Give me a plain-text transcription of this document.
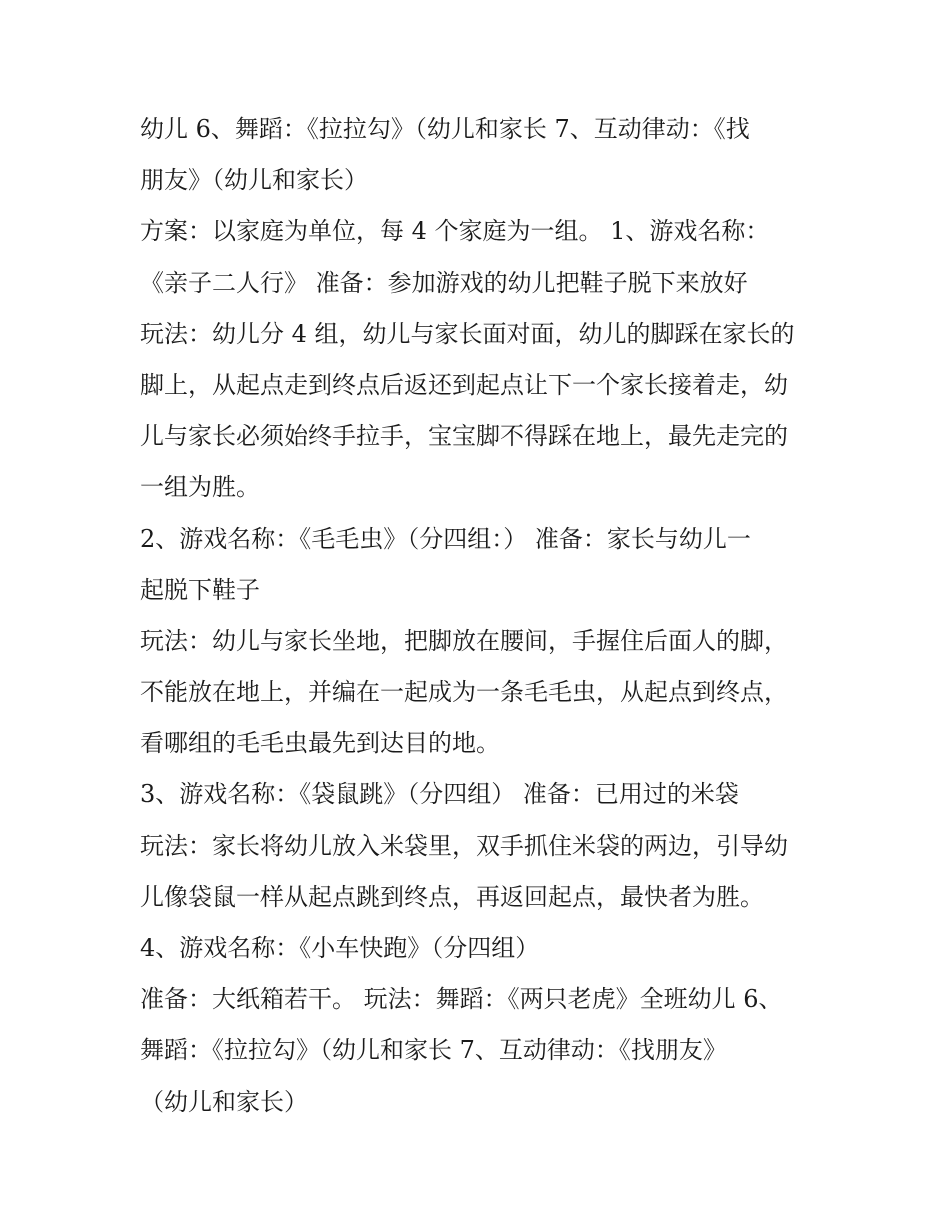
幼儿 6、舞蹈：《拉拉勾》（幼儿和家长 7、互动律动：《找
朋友》（幼儿和家长）
方案：以家庭为单位，每 4 个家庭为一组。 1、游戏名称：
《亲子二人行》 准备：参加游戏的幼儿把鞋子脱下来放好
玩法：幼儿分 4 组，幼儿与家长面对面，幼儿的脚踩在家长的
脚上，从起点走到终点后返还到起点让下一个家长接着走，幼
儿与家长必须始终手拉手，宝宝脚不得踩在地上，最先走完的
一组为胜。
2、游戏名称：《毛毛虫》（分四组：） 准备：家长与幼儿一
起脱下鞋子
玩法：幼儿与家长坐地，把脚放在腰间，手握住后面人的脚，
不能放在地上，并编在一起成为一条毛毛虫，从起点到终点，
看哪组的毛毛虫最先到达目的地。
3、游戏名称：《袋鼠跳》（分四组） 准备：已用过的米袋
玩法：家长将幼儿放入米袋里，双手抓住米袋的两边，引导幼
儿像袋鼠一样从起点跳到终点，再返回起点，最快者为胜。
4、游戏名称：《小车快跑》（分四组）
准备：大纸箱若干。 玩法：舞蹈：《两只老虎》全班幼儿 6、
舞蹈：《拉拉勾》（幼儿和家长 7、互动律动：《找朋友》
（幼儿和家长）
